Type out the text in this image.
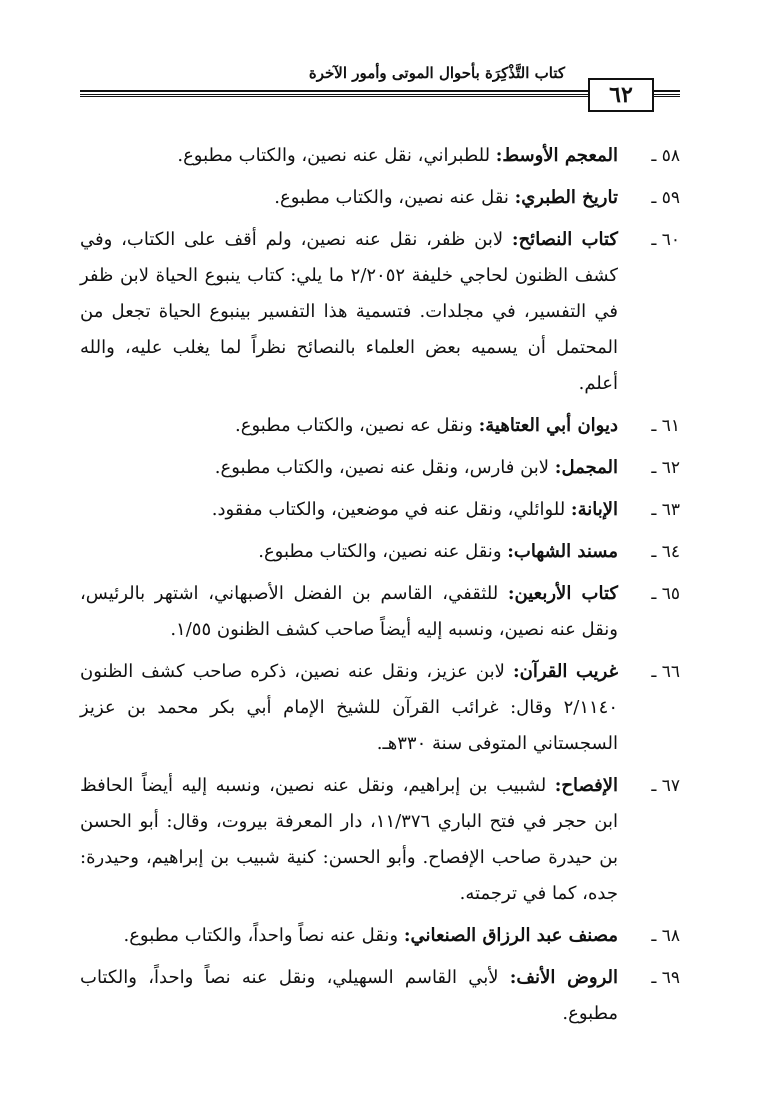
٦٢
كتاب التَّذْكِرَة بأحوال الموتى وأمور الآخرة
٥٨ ـ
المعجم الأوسط: للطبراني، نقل عنه نصين، والكتاب مطبوع.
٥٩ ـ
تاريخ الطبري: نقل عنه نصين، والكتاب مطبوع.
٦٠ ـ
كتاب النصائح: لابن ظفر، نقل عنه نصين، ولم أقف على الكتاب، وفي كشف الظنون لحاجي خليفة ٢/٢٠٥٢ ما يلي: كتاب ينبوع الحياة لابن ظفر في التفسير، في مجلدات. فتسمية هذا التفسير بينبوع الحياة تجعل من المحتمل أن يسميه بعض العلماء بالنصائح نظراً لما يغلب عليه، والله أعلم.
٦١ ـ
ديوان أبي العتاهية: ونقل عه نصين، والكتاب مطبوع.
٦٢ ـ
المجمل: لابن فارس، ونقل عنه نصين، والكتاب مطبوع.
٦٣ ـ
الإبانة: للوائلي، ونقل عنه في موضعين، والكتاب مفقود.
٦٤ ـ
مسند الشهاب: ونقل عنه نصين، والكتاب مطبوع.
٦٥ ـ
كتاب الأربعين: للثقفي، القاسم بن الفضل الأصبهاني، اشتهر بالرئيس، ونقل عنه نصين، ونسبه إليه أيضاً صاحب كشف الظنون ١/٥٥.
٦٦ ـ
غريب القرآن: لابن عزيز، ونقل عنه نصين، ذكره صاحب كشف الظنون ٢/١١٤٠ وقال: غرائب القرآن للشيخ الإمام أبي بكر محمد بن عزيز السجستاني المتوفى سنة ٣٣٠هـ.
٦٧ ـ
الإفصاح: لشبيب بن إبراهيم، ونقل عنه نصين، ونسبه إليه أيضاً الحافظ ابن حجر في فتح الباري ١١/٣٧٦، دار المعرفة بيروت، وقال: أبو الحسن بن حيدرة صاحب الإفصاح. وأبو الحسن: كنية شبيب بن إبراهيم، وحيدرة: جده، كما في ترجمته.
٦٨ ـ
مصنف عبد الرزاق الصنعاني: ونقل عنه نصاً واحداً، والكتاب مطبوع.
٦٩ ـ
الروض الأنف: لأبي القاسم السهيلي، ونقل عنه نصاً واحداً، والكتاب مطبوع.
